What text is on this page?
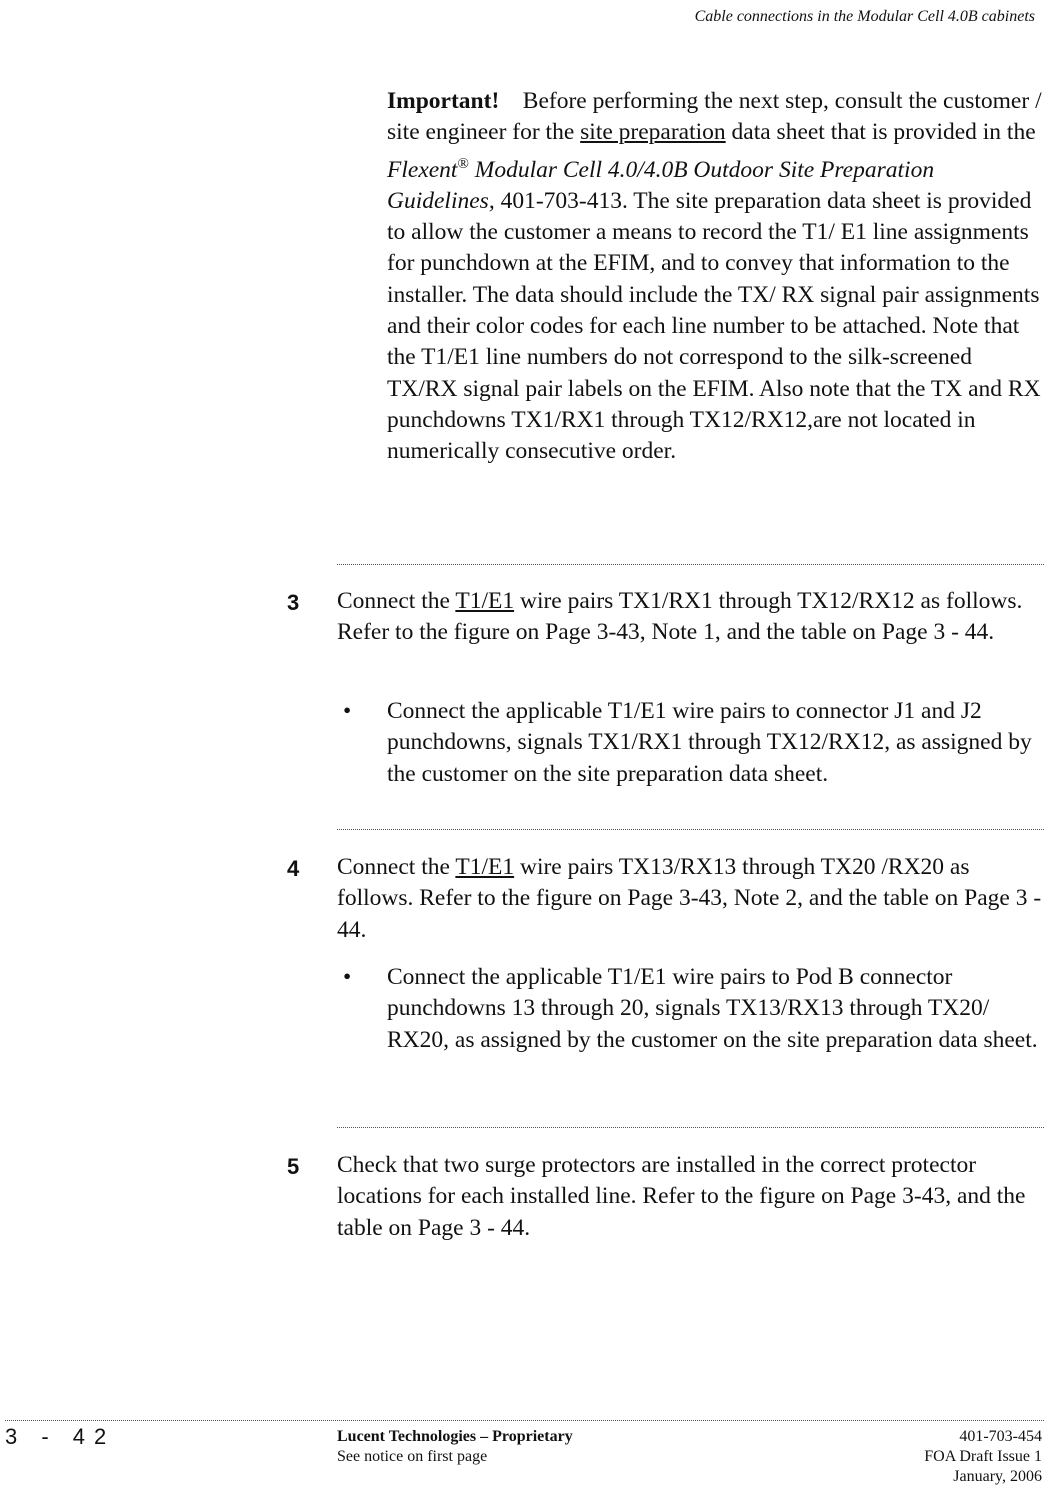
Cable connections in the Modular Cell 4.0B cabinets
Important! Before performing the next step, consult the customer / site engineer for the site preparation data sheet that is provided in the Flexent® Modular Cell 4.0/4.0B Outdoor Site Preparation Guidelines, 401-703-413. The site preparation data sheet is provided to allow the customer a means to record the T1/ E1 line assignments for punchdown at the EFIM, and to convey that information to the installer. The data should include the TX/ RX signal pair assignments and their color codes for each line number to be attached. Note that the T1/E1 line numbers do not correspond to the silk-screened TX/RX signal pair labels on the EFIM. Also note that the TX and RX punchdowns TX1/RX1 through TX12/RX12,are not located in numerically consecutive order.
3	Connect the T1/E1 wire pairs TX1/RX1 through TX12/RX12 as follows. Refer to the figure on Page 3-43, Note 1, and the table on Page 3 - 44.
• Connect the applicable T1/E1 wire pairs to connector J1 and J2 punchdowns, signals TX1/RX1 through TX12/RX12, as assigned by the customer on the site preparation data sheet.
4	Connect the T1/E1 wire pairs TX13/RX13 through TX20 /RX20 as follows. Refer to the figure on Page 3-43, Note 2, and the table on Page 3 - 44.
• Connect the applicable T1/E1 wire pairs to Pod B connector punchdowns 13 through 20, signals TX13/RX13 through TX20/ RX20, as assigned by the customer on the site preparation data sheet.
5	Check that two surge protectors are installed in the correct protector locations for each installed line. Refer to the figure on Page 3-43, and the table on Page 3 - 44.
3 - 42	Lucent Technologies – Proprietary
See notice on first page
401-703-454
FOA Draft Issue 1
January, 2006
